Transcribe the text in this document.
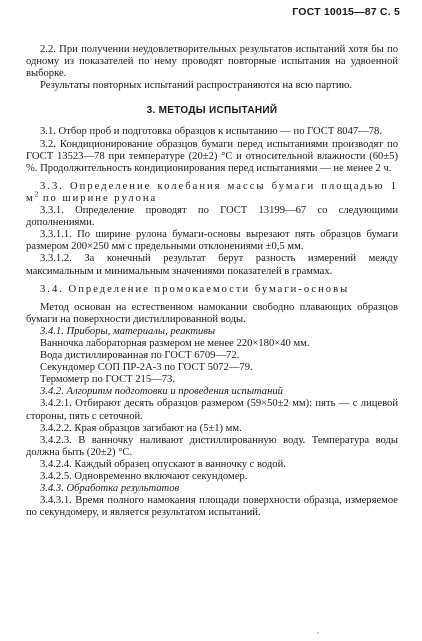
ГОСТ 10015—87 С. 5

2.2. При получении неудовлетворительных результатов испытаний хотя бы по одному из показателей по нему проводят повторные испытания на удвоенной выборке.

Результаты повторных испытаний распространяются на всю партию.

3. МЕТОДЫ ИСПЫТАНИЙ

3.1. Отбор проб и подготовка образцов к испытанию — по ГОСТ 8047—78.

3.2. Кондиционирование образцов бумаги перед испытаниями производят по ГОСТ 13523—78 при температуре (20±2) °С и относительной влажности (60±5) %. Продолжительность кондиционирования перед испытаниями — не менее 2 ч.

3.3. Определение колебания массы бумаги площадью 1 $м^2$ по ширине рулона

3.3.1. Определение проводят по ГОСТ 13199—67 со следующими дополнениями.

3.3.1.1. По ширине рулона бумаги-основы вырезают пять образцов бумаги размером 200×250 мм с предельными отклонениями ±0,5 мм.

3.3.1.2. За конечный результат берут разность измерений между максимальным и минимальным значениями показателей в граммах.

3.4. Определение промокаемости бумаги-основы

Метод основан на естественном намокании свободно плавающих образцов бумаги на поверхности дистиллированной воды.

3.4.1. Приборы, материалы, реактивы

Ванночка лабораторная размером не менее 220×180×40 мм.

Вода дистиллированная по ГОСТ 6709—72.

Секундомер СОП ПР-2А-3 по ГОСТ 5072—79.

Термометр по ГОСТ 215—73.

3.4.2. Алгоритм подготовки и проведения испытаний

3.4.2.1. Отбирают десять образцов размером (59×50±2 мм): пять — с лицевой стороны, пять с сеточной.

3.4.2.2. Края образцов загибают на (5±1) мм.

3.4.2.3. В ванночку наливают дистиллированную воду. Температура воды должна быть (20±2) °С.

3.4.2.4. Каждый образец опускают в ванночку с водой.

3.4.2.5. Одновременно включают секундомер.

3.4.3. Обработка результатов

3.4.3.1. Время полного намокания площади поверхности образца, измеряемое по секундомеру, и является результатом испытаний.

,
